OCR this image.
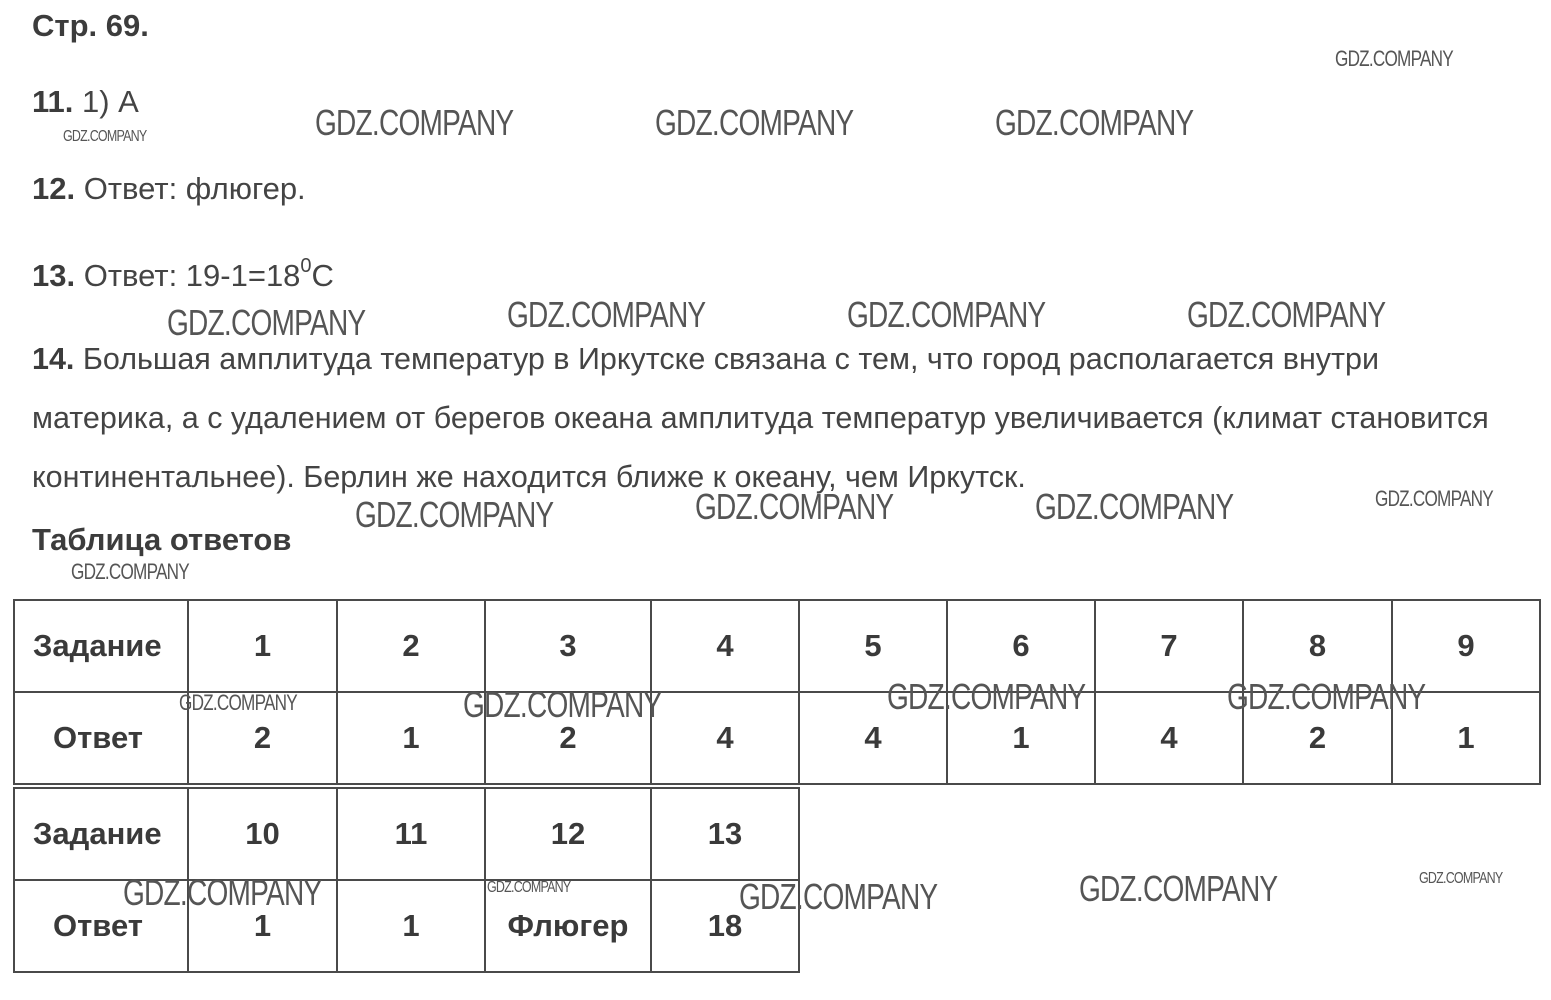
Стр. 69.
11. 1) А
12. Ответ: флюгер.
13. Ответ: $19-1=18^0С$
14. Большая амплитуда температур в Иркутске связана с тем, что город располагается внутри материка, а с удалением от берегов океана амплитуда температур увеличивается (климат становится континентальнее). Берлин же находится ближе к океану, чем Иркутск.
Таблица ответов
Задание	1	2	3	4	5	6	7	8	9
Ответ	2	1	2	4	4	1	4	2	1
Задание	10	11	12	13
Ответ	1	1	Флюгер	18
GDZ.COMPANY
GDZ.COMPANY	GDZ.COMPANY	GDZ.COMPANY	GDZ.COMPANY
GDZ.COMPANY	GDZ.COMPANY	GDZ.COMPANY	GDZ.COMPANY
GDZ.COMPANY	GDZ.COMPANY	GDZ.COMPANY	GDZ.COMPANY
GDZ.COMPANY
GDZ.COMPANY	GDZ.COMPANY	GDZ.COMPANY	GDZ.COMPANY
GDZ.COMPANY	GDZ.COMPANY	GDZ.COMPANY	GDZ.COMPANY	GDZ.COMPANY
